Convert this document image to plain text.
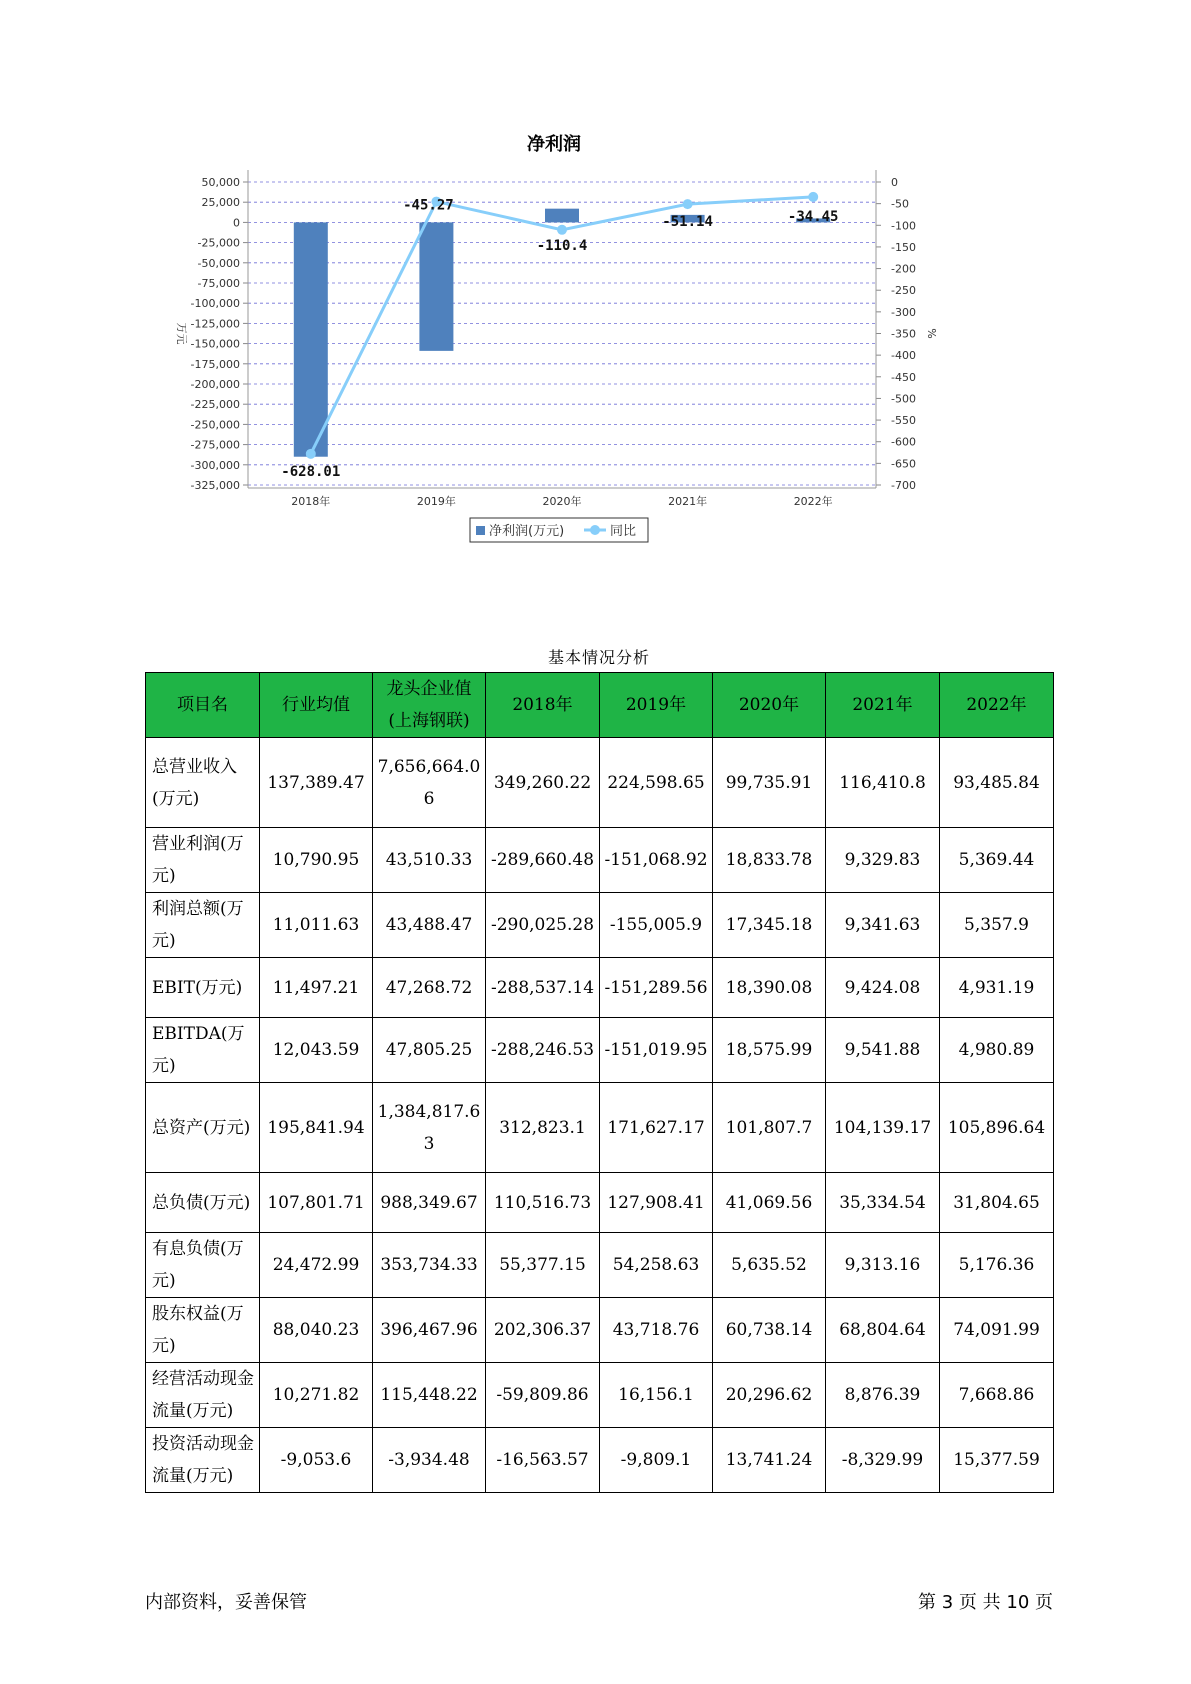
净利润
50,000
25,000
0
-25,000
-50,000
-75,000
-100,000
-125,000
-150,000
-175,000
-200,000
-225,000
-250,000
-275,000
-300,000
-325,000
0
-50
-100
-150
-200
-250
-300
-350
-400
-450
-500
-550
-600
-650
-700
万元	%
2018年	2019年	2020年	2021年	2022年
-628.01
-45.27
-110.4
-51.14	-34.45
净利润(万元)	同比
基本情况分析
项目名	行业均值	龙头企业值(上海钢联)	2018年	2019年	2020年	2021年	2022年
总营业收入(万元)	137,389.47	7,656,664.06	349,260.22	224,598.65	99,735.91	116,410.8	93,485.84
营业利润(万元)	10,790.95	43,510.33	-289,660.48	-151,068.92	18,833.78	9,329.83	5,369.44
利润总额(万元)	11,011.63	43,488.47	-290,025.28	-155,005.9	17,345.18	9,341.63	5,357.9
EBIT(万元)	11,497.21	47,268.72	-288,537.14	-151,289.56	18,390.08	9,424.08	4,931.19
EBITDA(万元)	12,043.59	47,805.25	-288,246.53	-151,019.95	18,575.99	9,541.88	4,980.89
总资产(万元)	195,841.94	1,384,817.63	312,823.1	171,627.17	101,807.7	104,139.17	105,896.64
总负债(万元)	107,801.71	988,349.67	110,516.73	127,908.41	41,069.56	35,334.54	31,804.65
有息负债(万元)	24,472.99	353,734.33	55,377.15	54,258.63	5,635.52	9,313.16	5,176.36
股东权益(万元)	88,040.23	396,467.96	202,306.37	43,718.76	60,738.14	68,804.64	74,091.99
经营活动现金流量(万元)	10,271.82	115,448.22	-59,809.86	16,156.1	20,296.62	8,876.39	7,668.86
投资活动现金流量(万元)	-9,053.6	-3,934.48	-16,563.57	-9,809.1	13,741.24	-8,329.99	15,377.59
内部资料，妥善保管	第 3 页 共 10 页
